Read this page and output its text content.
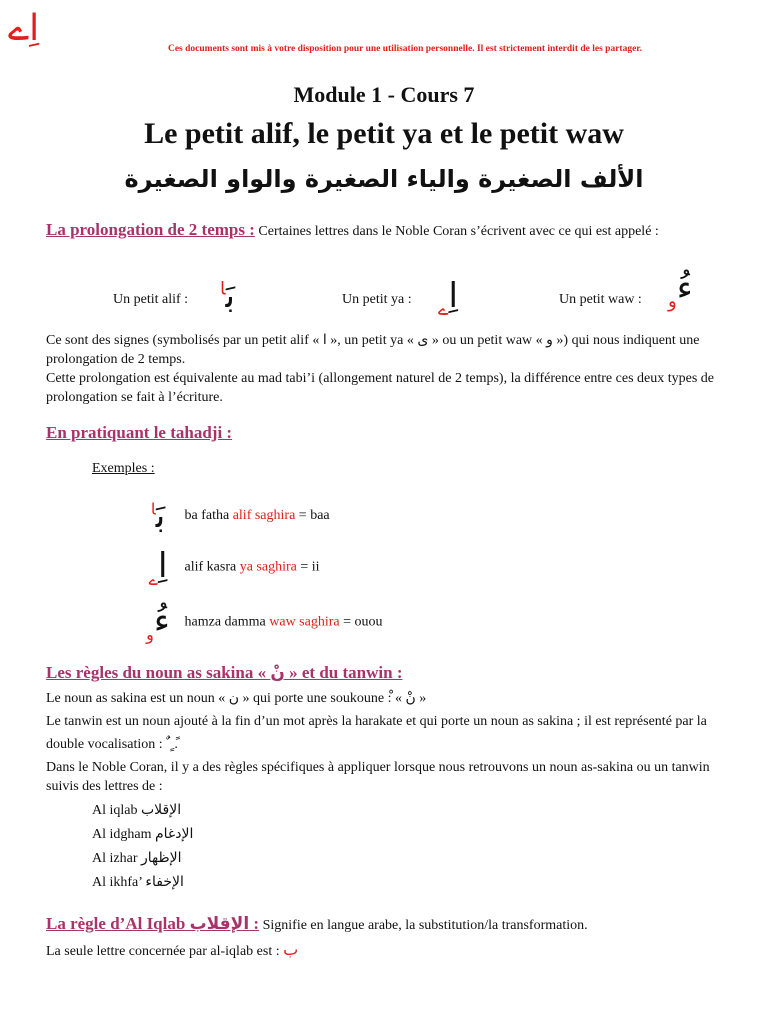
اِے	Ces documents sont mis à votre disposition pour une utilisation personnelle. Il est strictement interdit de les partager.
Module 1 - Cours 7
Le petit alif, le petit ya et le petit waw
الألف الصغيرة والياء الصغيرة والواو الصغيرة
La prolongation de 2 temps : Certaines lettres dans le Noble Coran s’écrivent avec ce qui est appelé :
Un petit alif : بَ$^ا$	Un petit ya :	$اِ_ے$	Un petit waw : $ءُ_و$
Ce sont des signes (symbolisés par un petit alif « ا », un petit ya « ى » ou un petit waw « و ») qui nous indiquent une prolongation de 2 temps.
Cette prolongation est équivalente au mad tabi’i (allongement naturel de 2 temps), la différence entre ces deux types de prolongation se fait à l’écriture.
En pratiquant le tahadji :
Exemples :
بَ$^ا$ ba fatha alif saghira = baa
$اِ_ے$ alif kasra ya saghira = ii
$ءُ_و$ hamza damma waw saghira = ouou
Les règles du noun as sakina « نْ » et du tanwin :
Le noun as sakina est un noun « ن » qui porte une soukoune : « نْ »
Le tanwin est un noun ajouté à la fin d’un mot après la harakate et qui porte un noun as sakina ; il est représenté par la double vocalisation : ً ٍ ٌ.
Dans le Noble Coran, il y a des règles spécifiques à appliquer lorsque nous retrouvons un noun as-sakina ou un tanwin suivis des lettres de :
Al iqlab الإقلاب
Al idgham الإدغام
Al izhar الإظهار
Al ikhfa’ الإخفاء
La règle d’Al Iqlab الإقلاب : Signifie en langue arabe, la substitution/la transformation.
La seule lettre concernée par al-iqlab est : ب
